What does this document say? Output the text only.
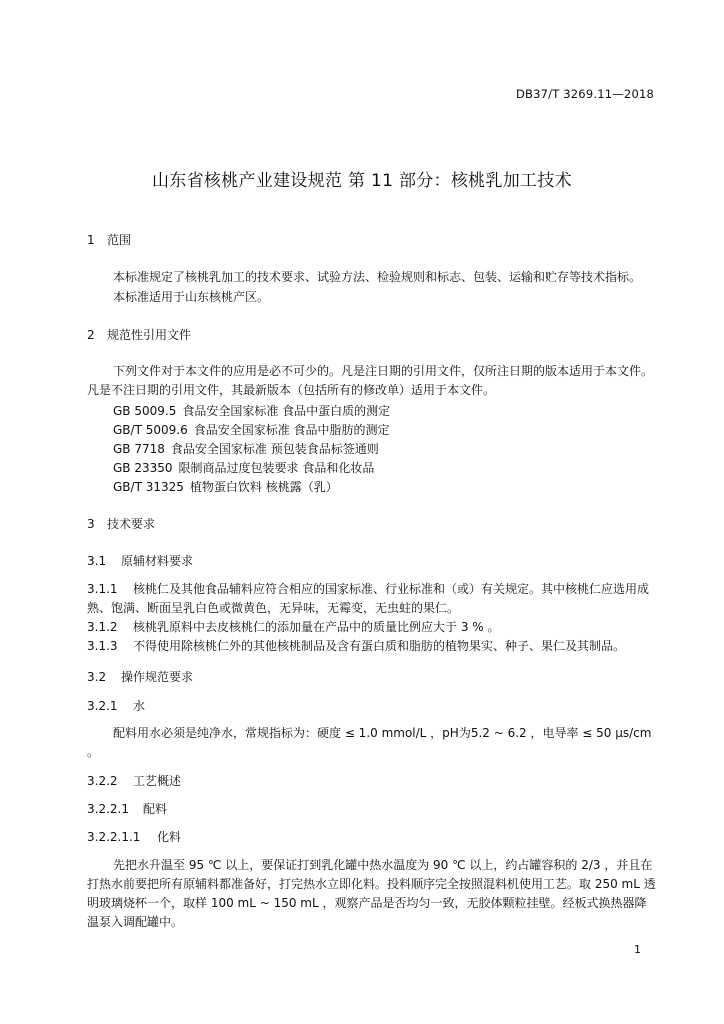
DB37/T 3269.11—2018
山东省核桃产业建设规范 第 11 部分：核桃乳加工技术
1 范围
本标准规定了核桃乳加工的技术要求、试验方法、检验规则和标志、包装、运输和贮存等技术指标。
本标准适用于山东核桃产区。
2 规范性引用文件
下列文件对于本文件的应用是必不可少的。凡是注日期的引用文件，仅所注日期的版本适用于本文件。凡是不注日期的引用文件，其最新版本（包括所有的修改单）适用于本文件。
GB 5009.5 食品安全国家标准 食品中蛋白质的测定
GB/T 5009.6 食品安全国家标准 食品中脂肪的测定
GB 7718 食品安全国家标准 预包装食品标签通则
GB 23350 限制商品过度包装要求 食品和化妆品
GB/T 31325 植物蛋白饮料 核桃露（乳）
3 技术要求
3.1 原辅材料要求
3.1.1 核桃仁及其他食品辅料应符合相应的国家标准、行业标准和（或）有关规定。其中核桃仁应选用成熟、饱满、断面呈乳白色或微黄色，无异味，无霉变，无虫蛀的果仁。
3.1.2 核桃乳原料中去皮核桃仁的添加量在产品中的质量比例应大于 3 % 。
3.1.3 不得使用除核桃仁外的其他核桃制品及含有蛋白质和脂肪的植物果实、种子、果仁及其制品。
3.2 操作规范要求
3.2.1 水
配料用水必须是纯净水，常规指标为：硬度 ≤ 1.0 mmol/L ，pH为5.2 ~ 6.2 ，电导率 ≤ 50 μs/cm 。
3.2.2 工艺概述
3.2.2.1 配料
3.2.2.1.1 化料
先把水升温至 95 ℃ 以上，要保证打到乳化罐中热水温度为 90 ℃ 以上，约占罐容积的 2/3 ，并且在打热水前要把所有原辅料都准备好，打完热水立即化料。投料顺序完全按照混料机使用工艺。取 250 mL 透明玻璃烧杯一个，取样 100 mL ~ 150 mL ，观察产品是否均匀一致，无胶体颗粒挂壁。经板式换热器降温泵入调配罐中。
1
